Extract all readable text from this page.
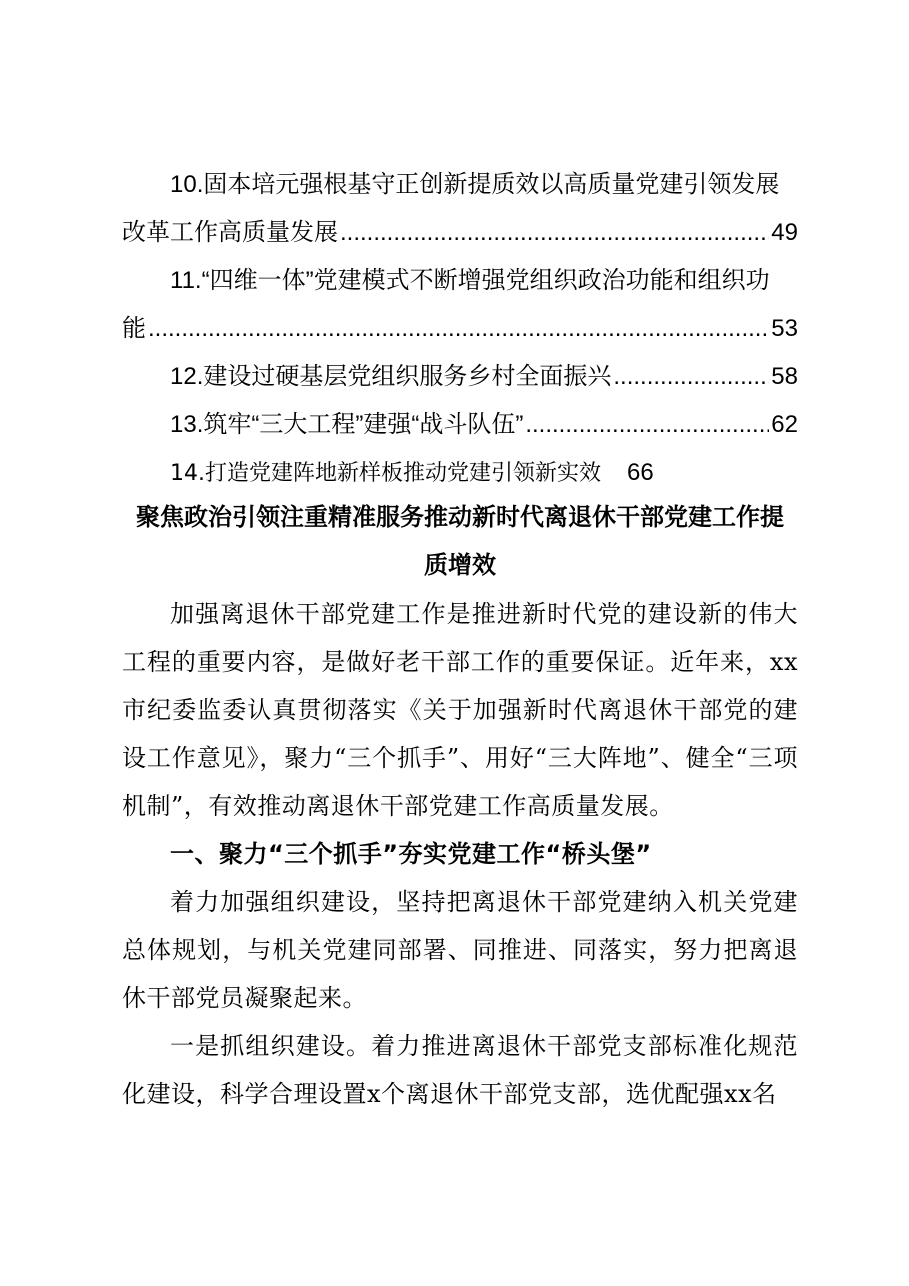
10.固本培元强根基守正创新提质效以高质量党建引领发展
改革工作高质量发展 .....	49
11.“四维一体”党建模式不断增强党组织政治功能和组织功
能 .....	53
12.建设过硬基层党组织服务乡村全面振兴 .....	58
13.筑牢“三大工程”建强“战斗队伍” .....	62
14.打造党建阵地新样板推动党建引领新实效 66
聚焦政治引领注重精准服务推动新时代离退休干部党建工作提
质增效

加强离退休干部党建工作是推进新时代党的建设新的伟大工程的重要内容，是做好老干部工作的重要保证。近年来，xx市纪委监委认真贯彻落实《关于加强新时代离退休干部党的建设工作意见》，聚力“三个抓手”、用好“三大阵地”、健全“三项机制”，有效推动离退休干部党建工作高质量发展。

一、聚力“三个抓手”夯实党建工作“桥头堡”

着力加强组织建设，坚持把离退休干部党建纳入机关党建总体规划，与机关党建同部署、同推进、同落实，努力把离退休干部党员凝聚起来。

一是抓组织建设。着力推进离退休干部党支部标准化规范化建设，科学合理设置x个离退休干部党支部，选优配强xx名
